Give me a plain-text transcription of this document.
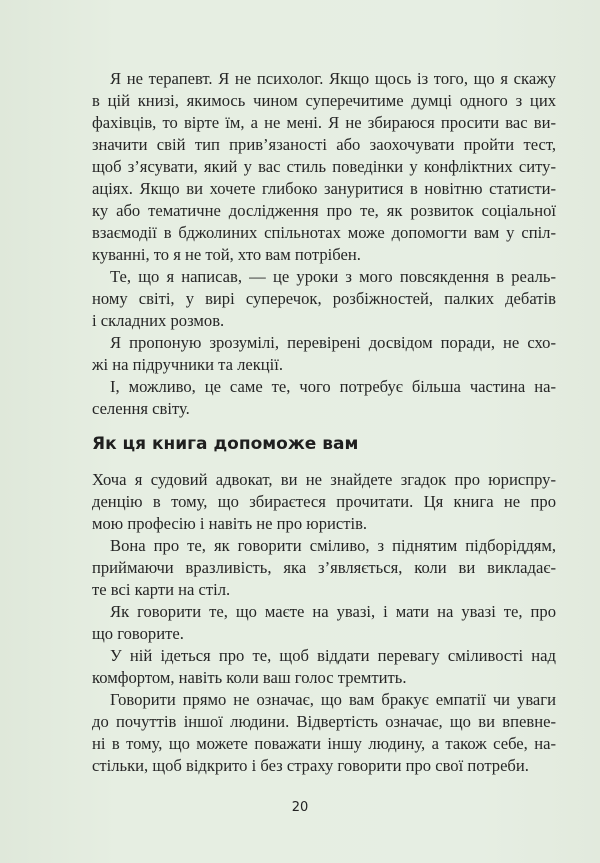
Я не терапевт. Я не психолог. Якщо щось із того, що я скажу
в цій книзі, якимось чином суперечитиме думці одного з цих
фахівців, то вірте їм, а не мені. Я не збираюся просити вас ви-
значити свій тип прив’язаності або заохочувати пройти тест,
щоб з’ясувати, який у вас стиль поведінки у конфліктних ситу-
аціях. Якщо ви хочете глибоко зануритися в новітню статисти-
ку або тематичне дослідження про те, як розвиток соціальної
взаємодії в бджолиних спільнотах може допомогти вам у спіл-
куванні, то я не той, хто вам потрібен.
Те, що я написав, — це уроки з мого повсякдення в реаль-
ному світі, у вирі суперечок, розбіжностей, палких дебатів
і складних розмов.
Я пропоную зрозумілі, перевірені досвідом поради, не схо-
жі на підручники та лекції.
І, можливо, це саме те, чого потребує більша частина на-
селення світу.
Як ця книга допоможе вам
Хоча я судовий адвокат, ви не знайдете згадок про юриспру-
денцію в тому, що збираєтеся прочитати. Ця книга не про
мою професію і навіть не про юристів.
Вона про те, як говорити сміливо, з піднятим підборіддям,
приймаючи вразливість, яка з’являється, коли ви викладає-
те всі карти на стіл.
Як говорити те, що маєте на увазі, і мати на увазі те, про
що говорите.
У ній ідеться про те, щоб віддати перевагу сміливості над
комфортом, навіть коли ваш голос тремтить.
Говорити прямо не означає, що вам бракує емпатії чи уваги
до почуттів іншої людини. Відвертість означає, що ви впевне-
ні в тому, що можете поважати іншу людину, а також себе, на-
стільки, щоб відкрито і без страху говорити про свої потреби.
20
